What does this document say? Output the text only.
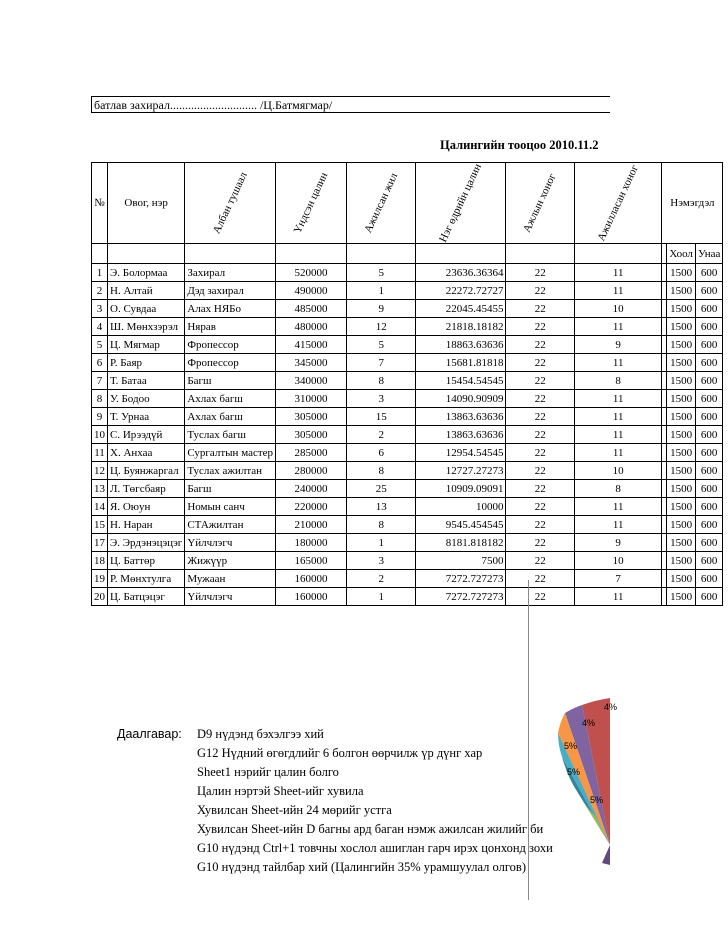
батлав захирал............................. /Ц.Батмягмар/
Цалингийн тооцоо 2010.11.2
№	Овог, нэр	Албан тушаал	Үндсэн цалин	Ажилсан жил	Нэг өдрийн цалин	Ажлын хоног	Ажилласан хоног	Нэмэгдэл		
									Хоол	Унаа
1	Э. Болормаа	Захирал	520000	5	23636.36364	22	11		1500	600
2	Н. Алтай	Дэд захирал	490000	1	22272.72727	22	11		1500	600
3	О. Сувдаа	Алах НЯБо	485000	9	22045.45455	22	10		1500	600
4	Ш. Мөнхзэрэл	Нярав	480000	12	21818.18182	22	11		1500	600
5	Ц. Мягмар	Фропессор	415000	5	18863.63636	22	9		1500	600
6	Р. Баяр	Фропессор	345000	7	15681.81818	22	11		1500	600
7	Т. Батаа	Багш	340000	8	15454.54545	22	8		1500	600
8	У. Бодоо	Ахлах багш	310000	3	14090.90909	22	11		1500	600
9	Т. Урнаа	Ахлах багш	305000	15	13863.63636	22	11		1500	600
10	С. Ирээдүй	Туслах багш	305000	2	13863.63636	22	11		1500	600
11	Х. Анхаа	Сургалтын мастер	285000	6	12954.54545	22	11		1500	600
12	Ц. Буянжаргал	Туслах ажилтан	280000	8	12727.27273	22	10		1500	600
13	Л. Төгсбаяр	Багш	240000	25	10909.09091	22	8		1500	600
14	Я. Оюун	Номын санч	220000	13	10000	22	11		1500	600
15	Н. Наран	СТАжилтан	210000	8	9545.454545	22	11		1500	600
17	Э. Эрдэнэцэцэг	Үйлчлэгч	180000	1	8181.818182	22	9		1500	600
18	Ц. Баттөр	Жижүүр	165000	3	7500	22	10		1500	600
19	Р. Мөнхтулга	Мужаан	160000	2	7272.727273	22	7		1500	600
20	Ц. Батцэцэг	Үйлчлэгч	160000	1	7272.727273	22	11		1500	600
4%
4%
5%
5%
5%
Даалгавар: D9 нүдэнд бэхэлгээ хий
G12 Нүдний өгөгдлийг 6 болгон өөрчилж үр дүнг хар
Sheet1 нэрийг цалин болго
Цалин нэртэй Sheet-ийг хувила
Хувилсан Sheet-ийн 24 мөрийг устга
Хувилсан Sheet-ийн D багны ард баган нэмж ажилсан жилийг би
G10 нүдэнд Ctrl+1 товчны хослол ашиглан гарч ирэх цонхонд зохи
G10 нүдэнд тайлбар хий (Цалингийн 35% урамшуулал олгов)
